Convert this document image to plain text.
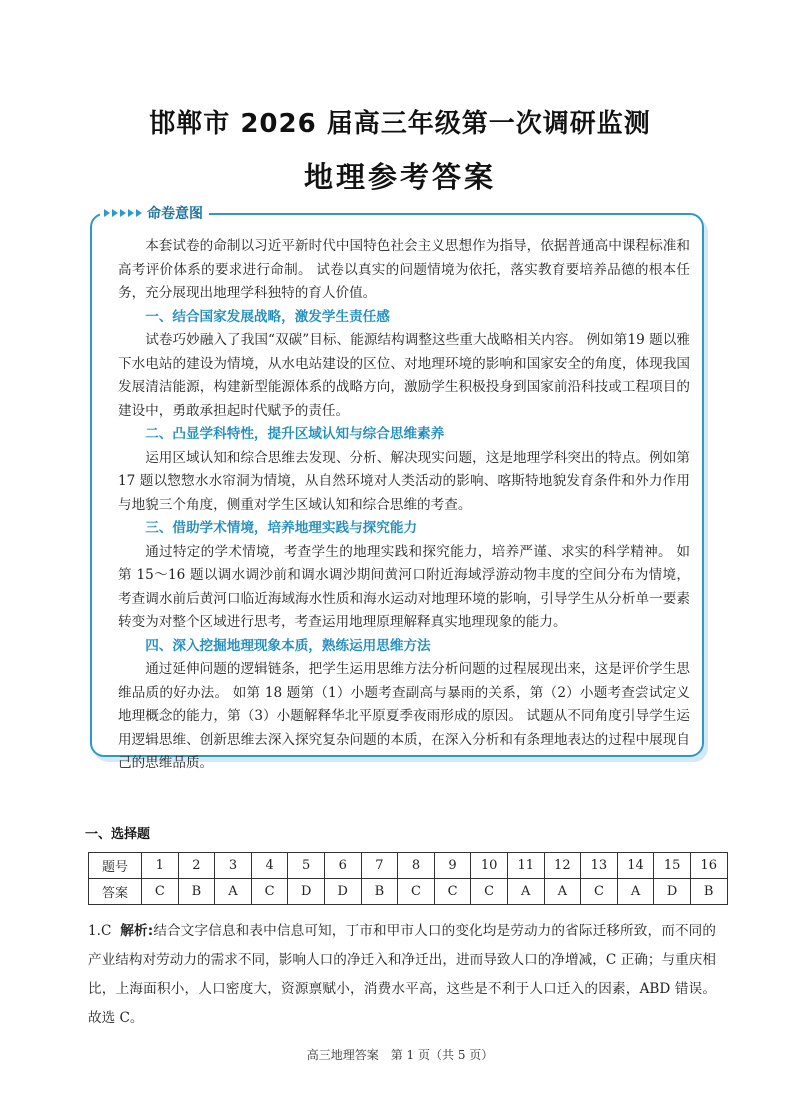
邯郸市 2026 届高三年级第一次调研监测
地理参考答案
命卷意图

本套试卷的命制以习近平新时代中国特色社会主义思想作为指导，依据普通高中课程标准和高考评价体系的要求进行命制。 试卷以真实的问题情境为依托，落实教育要培养品德的根本任务，充分展现出地理学科独特的育人价值。

一、结合国家发展战略，激发学生责任感

试卷巧妙融入了我国“双碳”目标、能源结构调整这些重大战略相关内容。 例如第19 题以雅下水电站的建设为情境，从水电站建设的区位、对地理环境的影响和国家安全的角度，体现我国发展清洁能源，构建新型能源体系的战略方向，激励学生积极投身到国家前沿科技或工程项目的建设中，勇敢承担起时代赋予的责任。

二、凸显学科特性，提升区域认知与综合思维素养

运用区域认知和综合思维去发现、分析、解决现实问题，这是地理学科突出的特点。例如第 17 题以惣惣水水帘洞为情境，从自然环境对人类活动的影响、喀斯特地貌发育条件和外力作用与地貌三个角度，侧重对学生区域认知和综合思维的考查。

三、借助学术情境，培养地理实践与探究能力

通过特定的学术情境，考查学生的地理实践和探究能力，培养严谨、求实的科学精神。 如第 15～16 题以调水调沙前和调水调沙期间黄河口附近海域浮游动物丰度的空间分布为情境，考查调水前后黄河口临近海域海水性质和海水运动对地理环境的影响，引导学生从分析单一要素转变为对整个区域进行思考，考查运用地理原理解释真实地理现象的能力。

四、深入挖掘地理现象本质，熟练运用思维方法

通过延伸问题的逻辑链条，把学生运用思维方法分析问题的过程展现出来，这是评价学生思维品质的好办法。 如第 18 题第（1）小题考查副高与暴雨的关系，第（2）小题考查尝试定义地理概念的能力，第（3）小题解释华北平原夏季夜雨形成的原因。 试题从不同角度引导学生运用逻辑思维、创新思维去深入探究复杂问题的本质，在深入分析和有条理地表达的过程中展现自己的思维品质。

一、选择题
题号	1	2	3	4	5	6	7	8	9	10	11	12	13	14	15	16
答案	C	B	A	C	D	D	B	C	C	C	A	A	C	A	D	B

1.C 解析:结合文字信息和表中信息可知，丁市和甲市人口的变化均是劳动力的省际迁移所致，而不同的产业结构对劳动力的需求不同，影响人口的净迁入和净迁出，进而导致人口的净增减，C 正确；与重庆相比，上海面积小，人口密度大，资源禀赋小，消费水平高，这些是不利于人口迁入的因素，ABD 错误。故选 C。

高三地理答案　第 1 页（共 5 页）
